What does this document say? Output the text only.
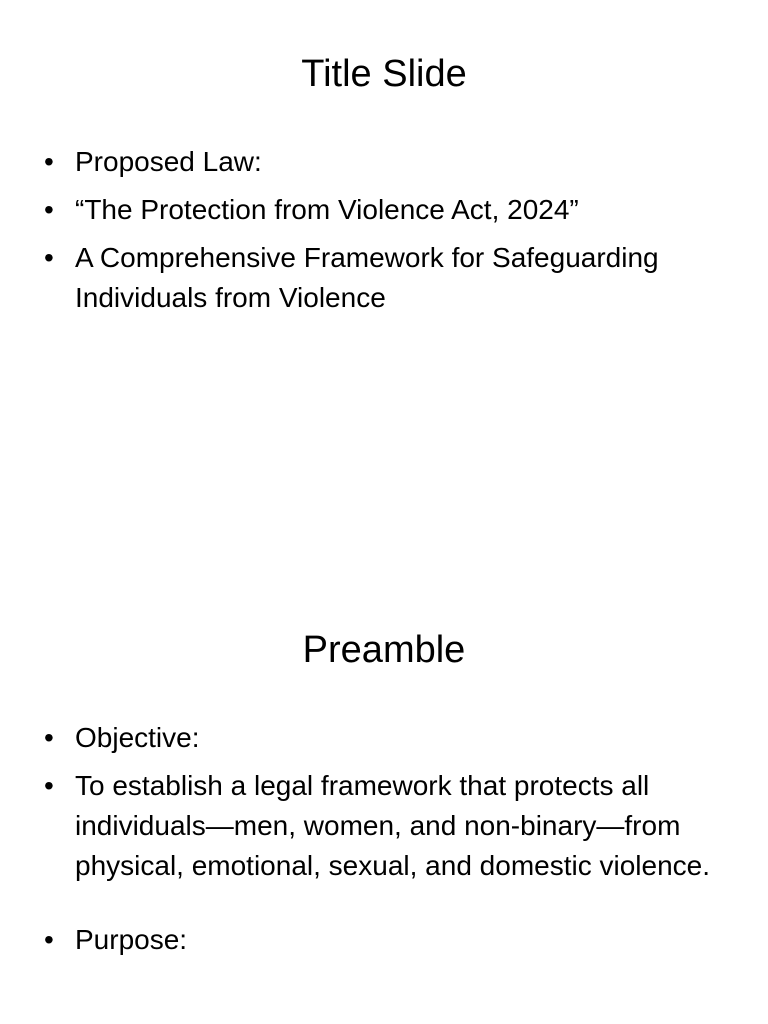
Title Slide
• Proposed Law:
• “The Protection from Violence Act, 2024”
• A Comprehensive Framework for Safeguarding Individuals from Violence
Preamble
• Objective:
• To establish a legal framework that protects all individuals—men, women, and non-binary—from physical, emotional, sexual, and domestic violence.
• Purpose:
